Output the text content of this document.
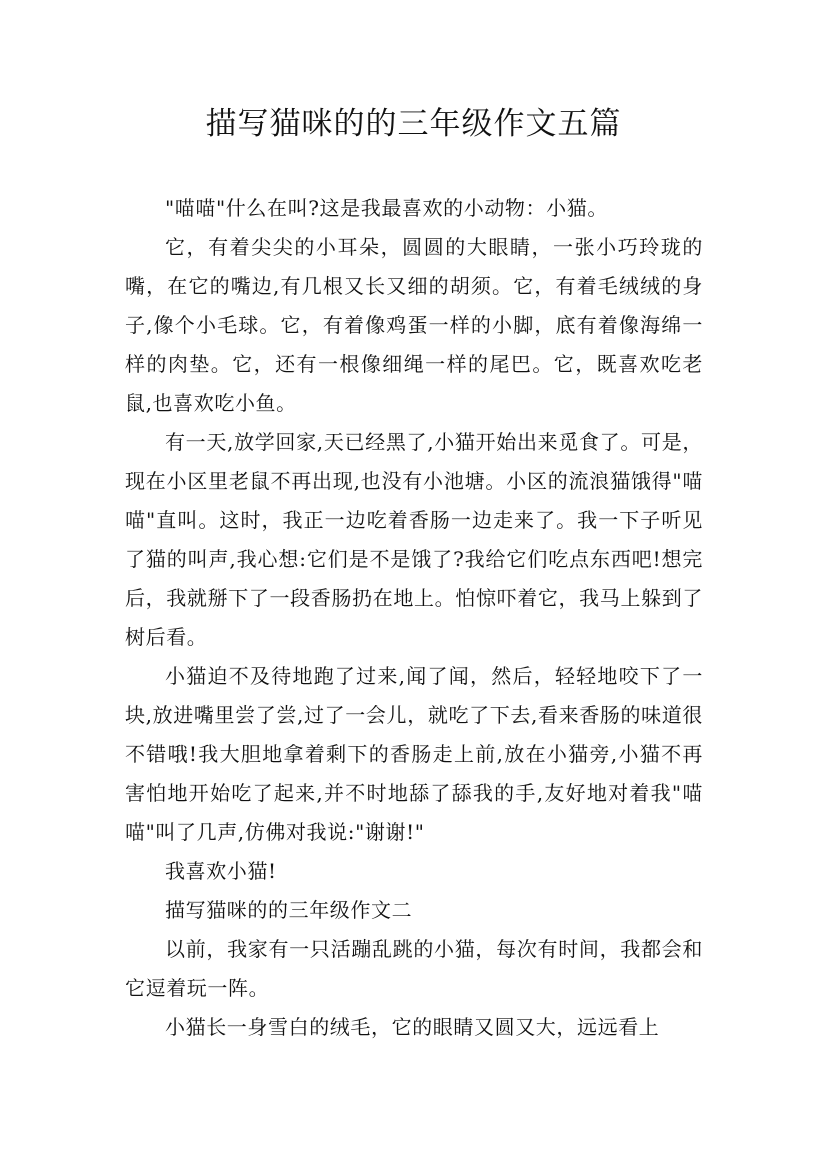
描写猫咪的的三年级作文五篇

"喵喵"什么在叫?这是我最喜欢的小动物：小猫。

它，有着尖尖的小耳朵，圆圆的大眼睛，一张小巧玲珑的嘴，在它的嘴边,有几根又长又细的胡须。它，有着毛绒绒的身子,像个小毛球。它，有着像鸡蛋一样的小脚，底有着像海绵一样的肉垫。它，还有一根像细绳一样的尾巴。它，既喜欢吃老鼠,也喜欢吃小鱼。

有一天,放学回家,天已经黑了,小猫开始出来觅食了。可是，现在小区里老鼠不再出现,也没有小池塘。小区的流浪猫饿得"喵喵"直叫。这时，我正一边吃着香肠一边走来了。我一下子听见了猫的叫声,我心想:它们是不是饿了?我给它们吃点东西吧!想完后，我就掰下了一段香肠扔在地上。怕惊吓着它，我马上躲到了树后看。

小猫迫不及待地跑了过来,闻了闻，然后，轻轻地咬下了一块,放进嘴里尝了尝,过了一会儿，就吃了下去,看来香肠的味道很不错哦!我大胆地拿着剩下的香肠走上前,放在小猫旁,小猫不再害怕地开始吃了起来,并不时地舔了舔我的手,友好地对着我"喵喵"叫了几声,仿佛对我说:"谢谢!"

我喜欢小猫!

描写猫咪的的三年级作文二

以前，我家有一只活蹦乱跳的小猫，每次有时间，我都会和它逗着玩一阵。

小猫长一身雪白的绒毛，它的眼睛又圆又大，远远看上
